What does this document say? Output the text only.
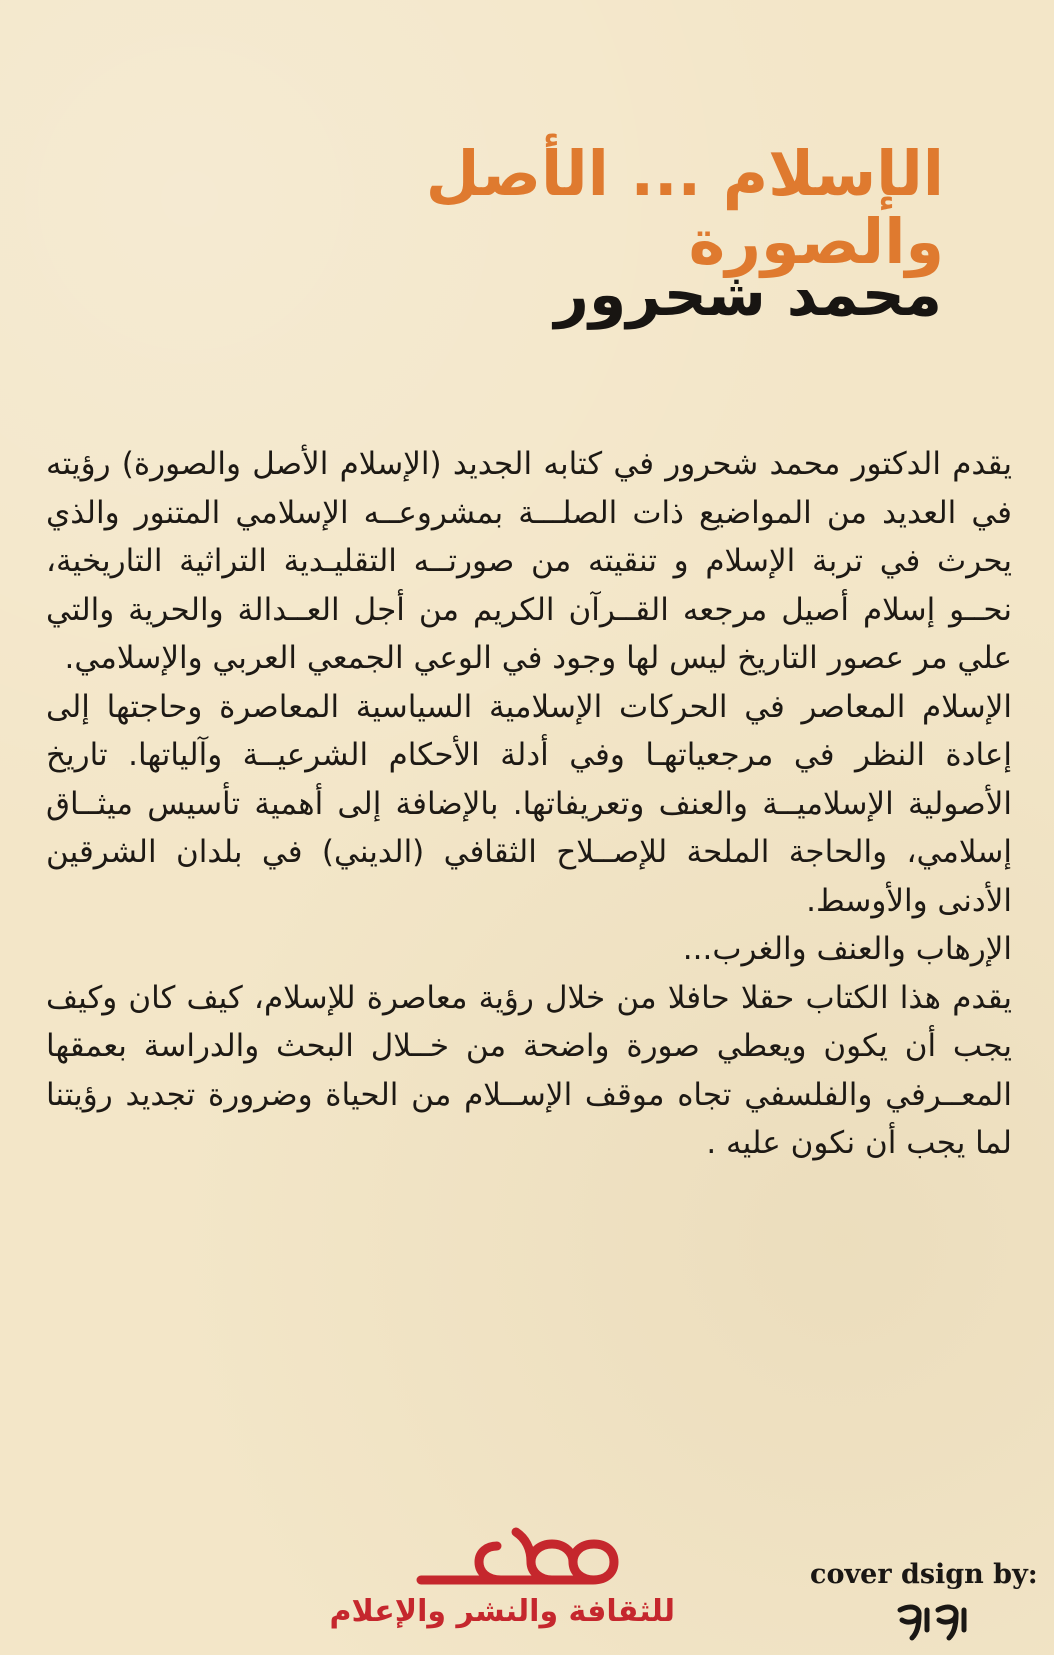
الإسلام ... الأصل والصورة
محمد شحرور

يقدم الدكتور محمد شحرور في كتابه الجديد (الإسلام الأصل والصورة) رؤيته في العديد من المواضيع ذات الصلـــة بمشروعــه الإسلامي المتنور والذي يحرث في تربة الإسلام و تنقيته من صورتــه التقليـدية التراثية التاريخية، نحــو إسلام أصيل مرجعه القــرآن الكريم من أجل العــدالة والحرية والتي علي مر عصور التاريخ ليس لها وجود في الوعي الجمعي العربي والإسلامي.

الإسلام المعاصر في الحركات الإسلامية السياسية المعاصرة وحاجتها إلى إعادة النظر في مرجعياتهـا وفي أدلة الأحكام الشرعيــة وآلياتها. تاريخ الأصولية الإسلاميــة والعنف وتعريفاتها. بالإضافة إلى أهمية تأسيس ميثــاق إسلامي، والحاجة الملحة للإصــلاح الثقافي (الديني) في بلدان الشرقين الأدنى والأوسط.

الإرهاب والعنف والغرب...

يقدم هذا الكتاب حقلا حافلا من خلال رؤية معاصرة للإسلام، كيف كان وكيف يجب أن يكون ويعطي صورة واضحة من خــلال البحث والدراسة بعمقها المعــرفي والفلسفي تجاه موقف الإســلام من الحياة وضرورة تجديد رؤيتنا لما يجب أن نكون عليه .

للثقافة والنشر والإعلام
cover dsign by:
